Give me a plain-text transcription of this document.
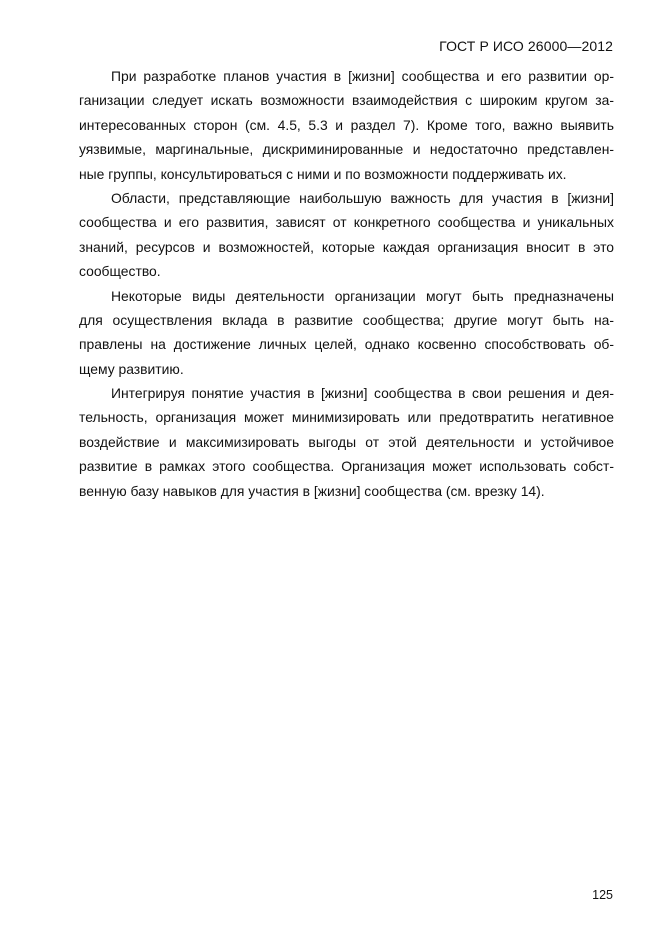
ГОСТ Р ИСО 26000—2012
При разработке планов участия в [жизни] сообщества и его развитии ор-
ганизации следует искать возможности взаимодействия с широким кругом за-
интересованных сторон (см. 4.5, 5.3 и раздел 7). Кроме того, важно выявить
уязвимые, маргинальные, дискриминированные и недостаточно представлен-
ные группы, консультироваться с ними и по возможности поддерживать их.
Области, представляющие наибольшую важность для участия в [жизни]
сообщества и его развития, зависят от конкретного сообщества и уникальных
знаний, ресурсов и возможностей, которые каждая организация вносит в это
сообщество.
Некоторые виды деятельности организации могут быть предназначены
для осуществления вклада в развитие сообщества; другие могут быть на-
правлены на достижение личных целей, однако косвенно способствовать об-
щему развитию.
Интегрируя понятие участия в [жизни] сообщества в свои решения и дея-
тельность, организация может минимизировать или предотвратить негативное
воздействие и максимизировать выгоды от этой деятельности и устойчивое
развитие в рамках этого сообщества. Организация может использовать собст-
венную базу навыков для участия в [жизни] сообщества (см. врезку 14).
125
